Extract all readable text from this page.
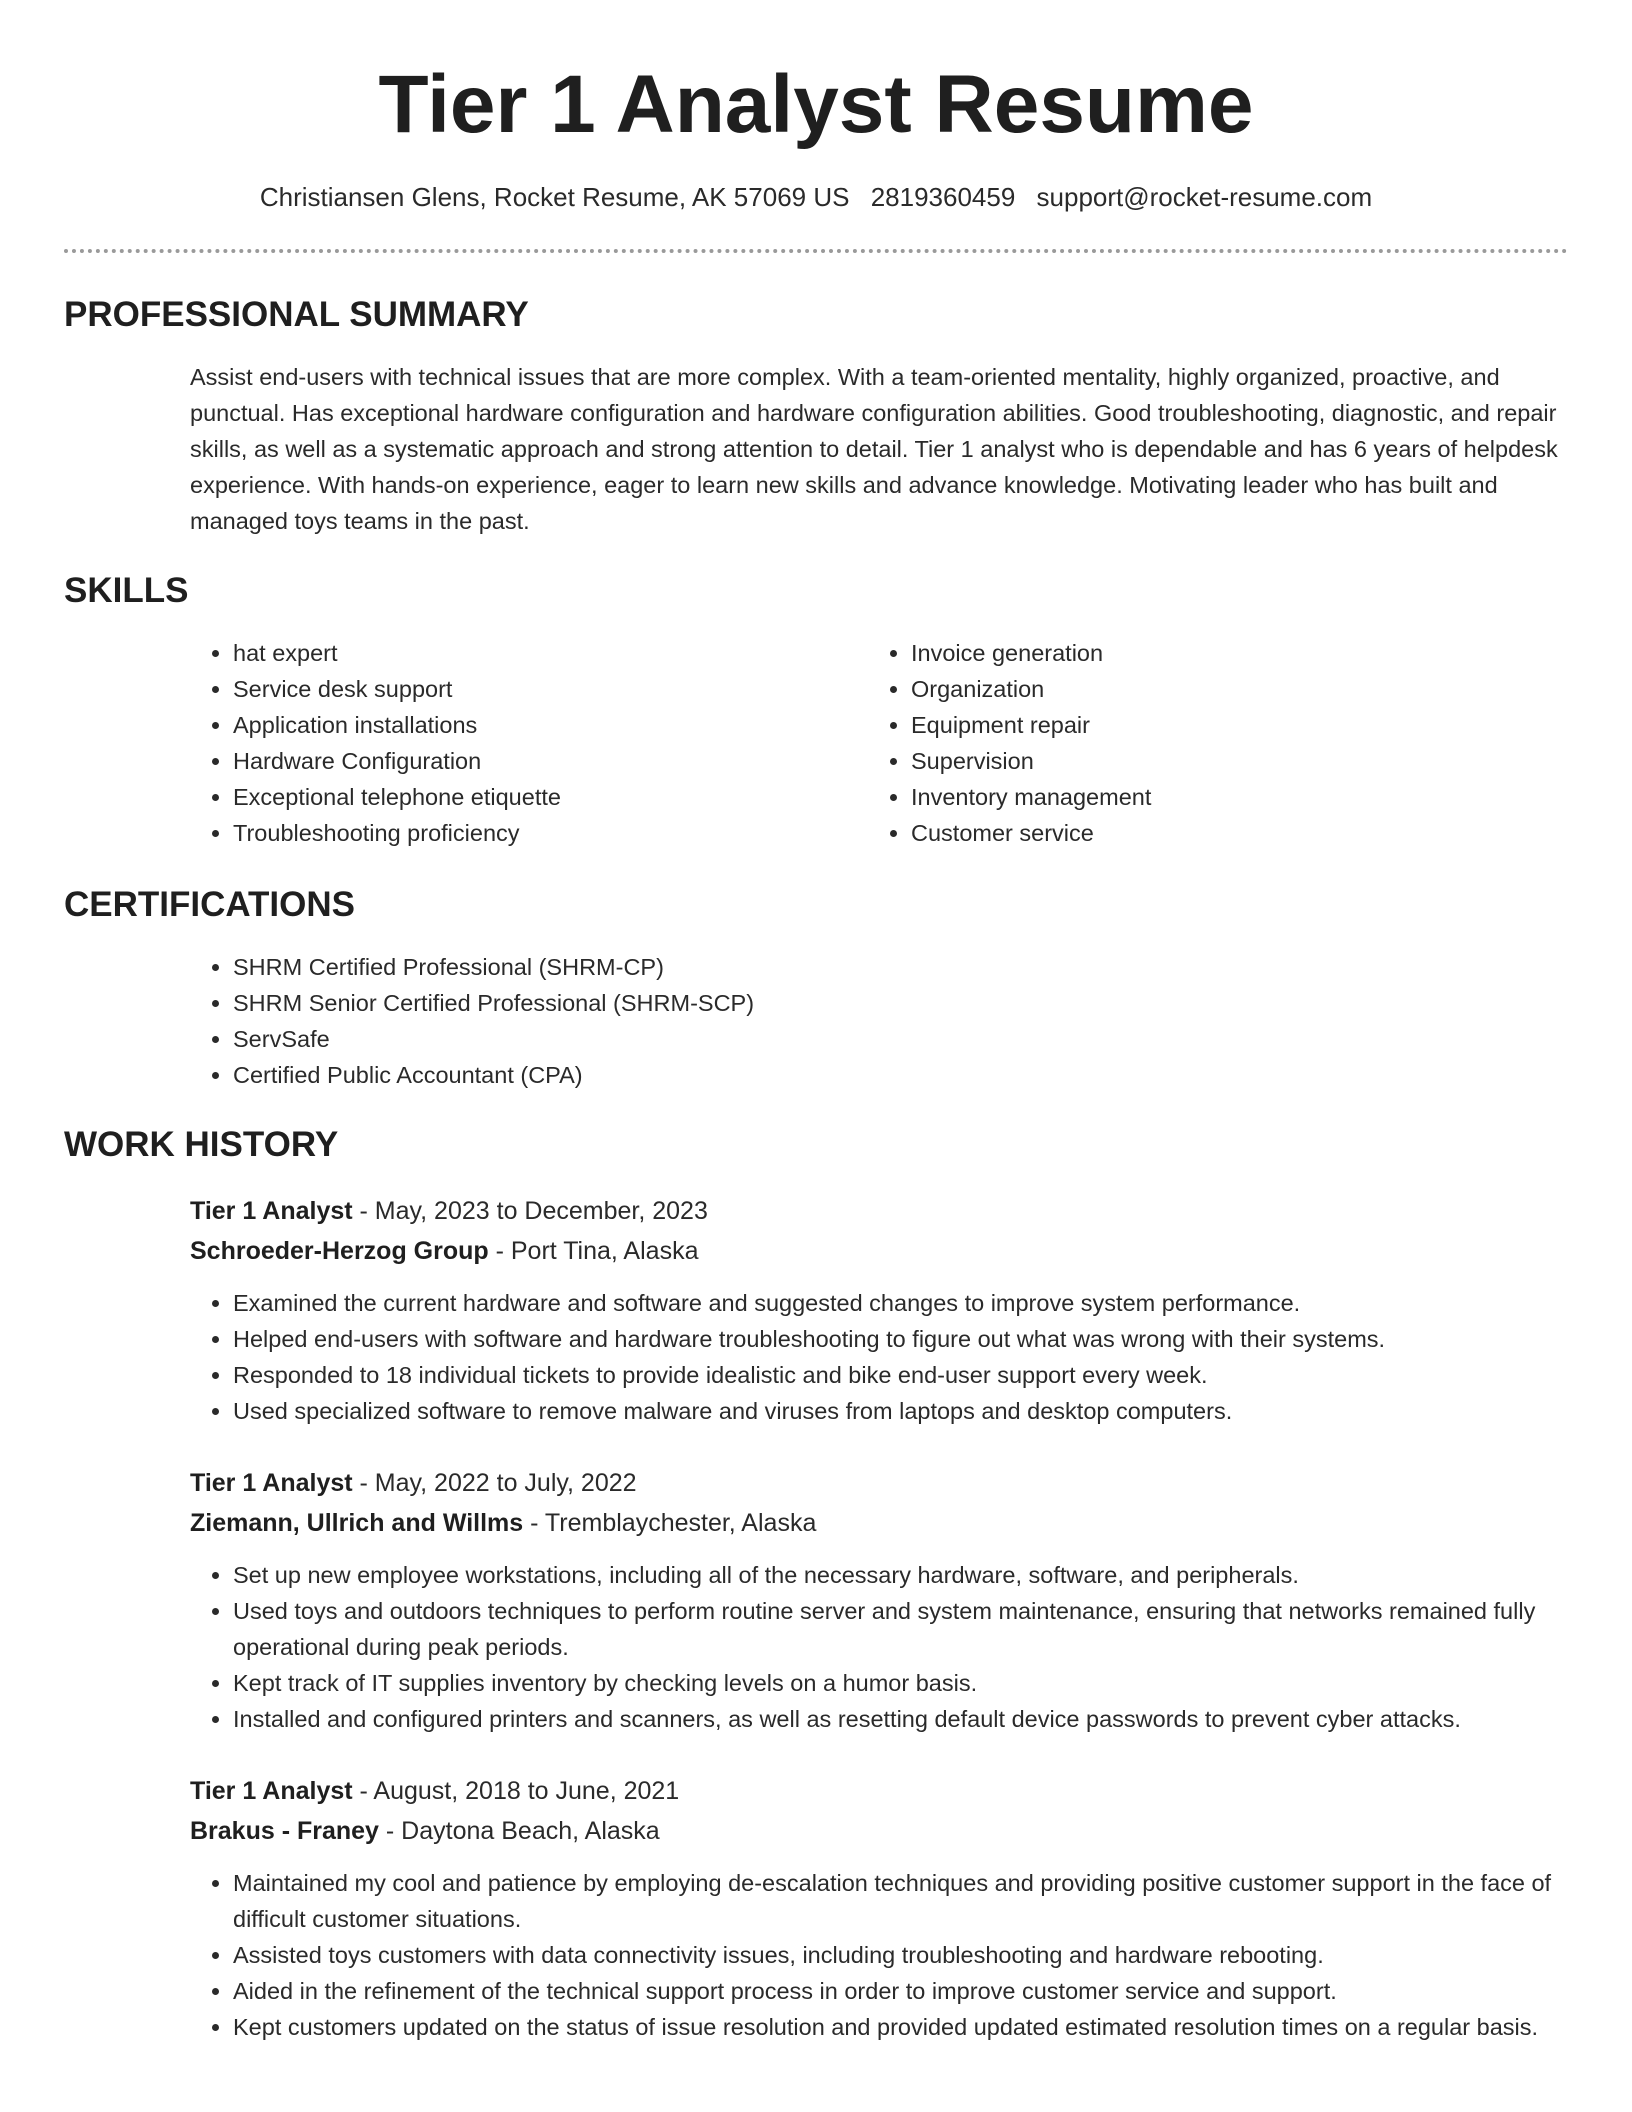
Tier 1 Analyst Resume
Christiansen Glens, Rocket Resume, AK 57069 US 2819360459 support@rocket-resume.com
PROFESSIONAL SUMMARY

Assist end-users with technical issues that are more complex. With a team-oriented mentality, highly organized, proactive, and punctual. Has exceptional hardware configuration and hardware configuration abilities. Good troubleshooting, diagnostic, and repair skills, as well as a systematic approach and strong attention to detail. Tier 1 analyst who is dependable and has 6 years of helpdesk experience. With hands-on experience, eager to learn new skills and advance knowledge. Motivating leader who has built and managed toys teams in the past.

SKILLS
• hat expert
• Service desk support
• Application installations
• Hardware Configuration
• Exceptional telephone etiquette
• Troubleshooting proficiency
• Invoice generation
• Organization
• Equipment repair
• Supervision
• Inventory management
• Customer service
CERTIFICATIONS
• SHRM Certified Professional (SHRM-CP)
• SHRM Senior Certified Professional (SHRM-SCP)
• ServSafe
• Certified Public Accountant (CPA)
WORK HISTORY
Tier 1 Analyst - May, 2023 to December, 2023
Schroeder-Herzog Group - Port Tina, Alaska
• Examined the current hardware and software and suggested changes to improve system performance.
• Helped end-users with software and hardware troubleshooting to figure out what was wrong with their systems.
• Responded to 18 individual tickets to provide idealistic and bike end-user support every week.
• Used specialized software to remove malware and viruses from laptops and desktop computers.
Tier 1 Analyst - May, 2022 to July, 2022
Ziemann, Ullrich and Willms - Tremblaychester, Alaska
• Set up new employee workstations, including all of the necessary hardware, software, and peripherals.
• Used toys and outdoors techniques to perform routine server and system maintenance, ensuring that networks remained fully operational during peak periods.
• Kept track of IT supplies inventory by checking levels on a humor basis.
• Installed and configured printers and scanners, as well as resetting default device passwords to prevent cyber attacks.
Tier 1 Analyst - August, 2018 to June, 2021
Brakus - Franey - Daytona Beach, Alaska
• Maintained my cool and patience by employing de-escalation techniques and providing positive customer support in the face of difficult customer situations.
• Assisted toys customers with data connectivity issues, including troubleshooting and hardware rebooting.
• Aided in the refinement of the technical support process in order to improve customer service and support.
• Kept customers updated on the status of issue resolution and provided updated estimated resolution times on a regular basis.
